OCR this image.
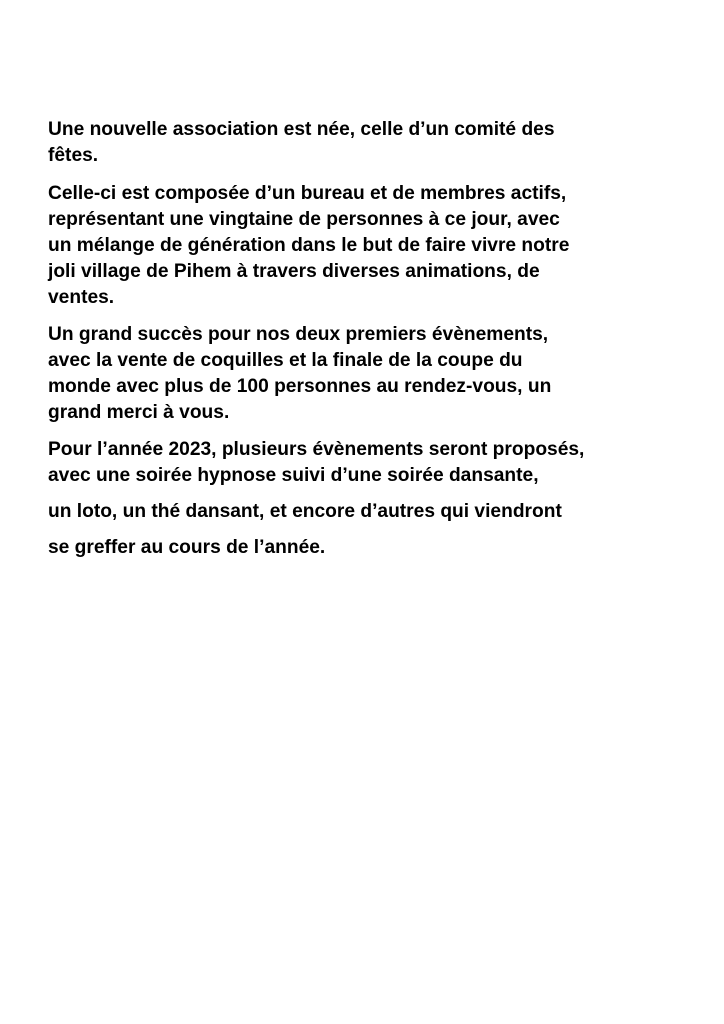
Une nouvelle association est née, celle d’un comité des
fêtes.

Celle-ci est composée d’un bureau et de membres actifs,
représentant une vingtaine de personnes à ce jour, avec
un mélange de génération dans le but de faire vivre notre
joli village de Pihem à travers diverses animations, de
ventes.

Un grand succès pour nos deux premiers évènements,
avec la vente de coquilles et la finale de la coupe du
monde avec plus de 100 personnes au rendez-vous, un
grand merci à vous.

Pour l’année 2023, plusieurs évènements seront proposés,
avec une soirée hypnose suivi d’une soirée dansante,

un loto, un thé dansant, et encore d’autres qui viendront
se greffer au cours de l’année.
